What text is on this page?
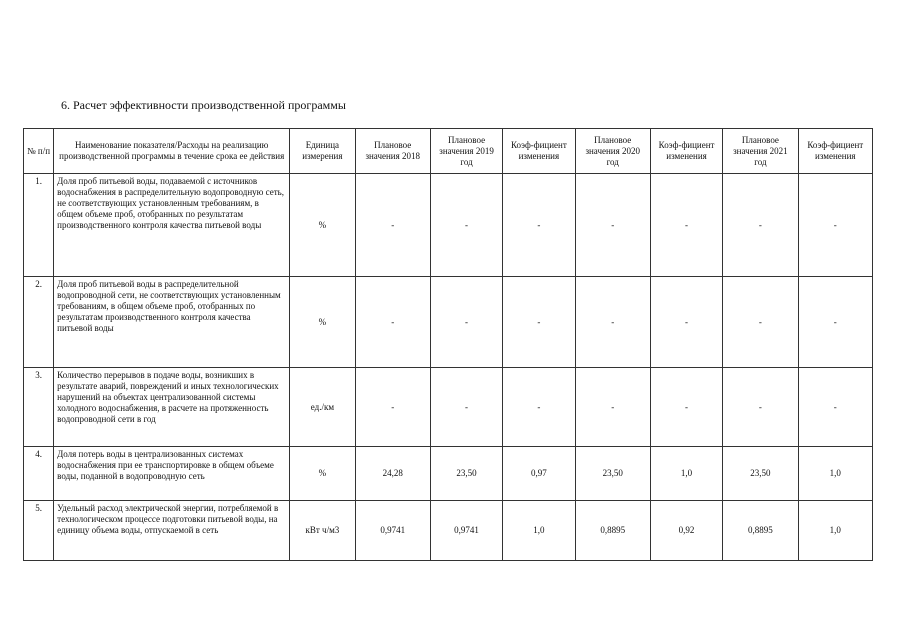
6. Расчет эффективности производственной программы
№ п/п	Наименование показателя/Расходы на реализацию производственной программы в течение срока ее действия	Единица измерения	Плановое значения 2018	Плановое значения 2019 год	Коэф-фициент изменения	Плановое значения 2020 год	Коэф-фициент изменения	Плановое значения 2021 год	Коэф-фициент изменения
1.	Доля проб питьевой воды, подаваемой с источников водоснабжения в распределительную водопроводную сеть, не соответствующих установленным требованиям, в общем объеме проб, отобранных по результатам производственного контроля качества питьевой воды	%	-	-	-	-	-	-	-
2.	Доля проб питьевой воды в распределительной водопроводной сети, не соответствующих установленным требованиям, в общем объеме проб, отобранных по результатам производственного контроля качества питьевой воды	%	-	-	-	-	-	-	-
3.	Количество перерывов в подаче воды, возникших в результате аварий, повреждений и иных технологических нарушений на объектах централизованной системы холодного водоснабжения, в расчете на протяженность водопроводной сети в год	ед./км	-	-	-	-	-	-	-
4.	Доля потерь воды в централизованных системах водоснабжения при ее транспортировке в общем объеме воды, поданной в водопроводную сеть	%	24,28	23,50	0,97	23,50	1,0	23,50	1,0
5.	Удельный расход электрической энергии, потребляемой в технологическом процессе подготовки питьевой воды, на единицу объема воды, отпускаемой в сеть	кВт ч/м3	0,9741	0,9741	1,0	0,8895	0,92	0,8895	1,0
